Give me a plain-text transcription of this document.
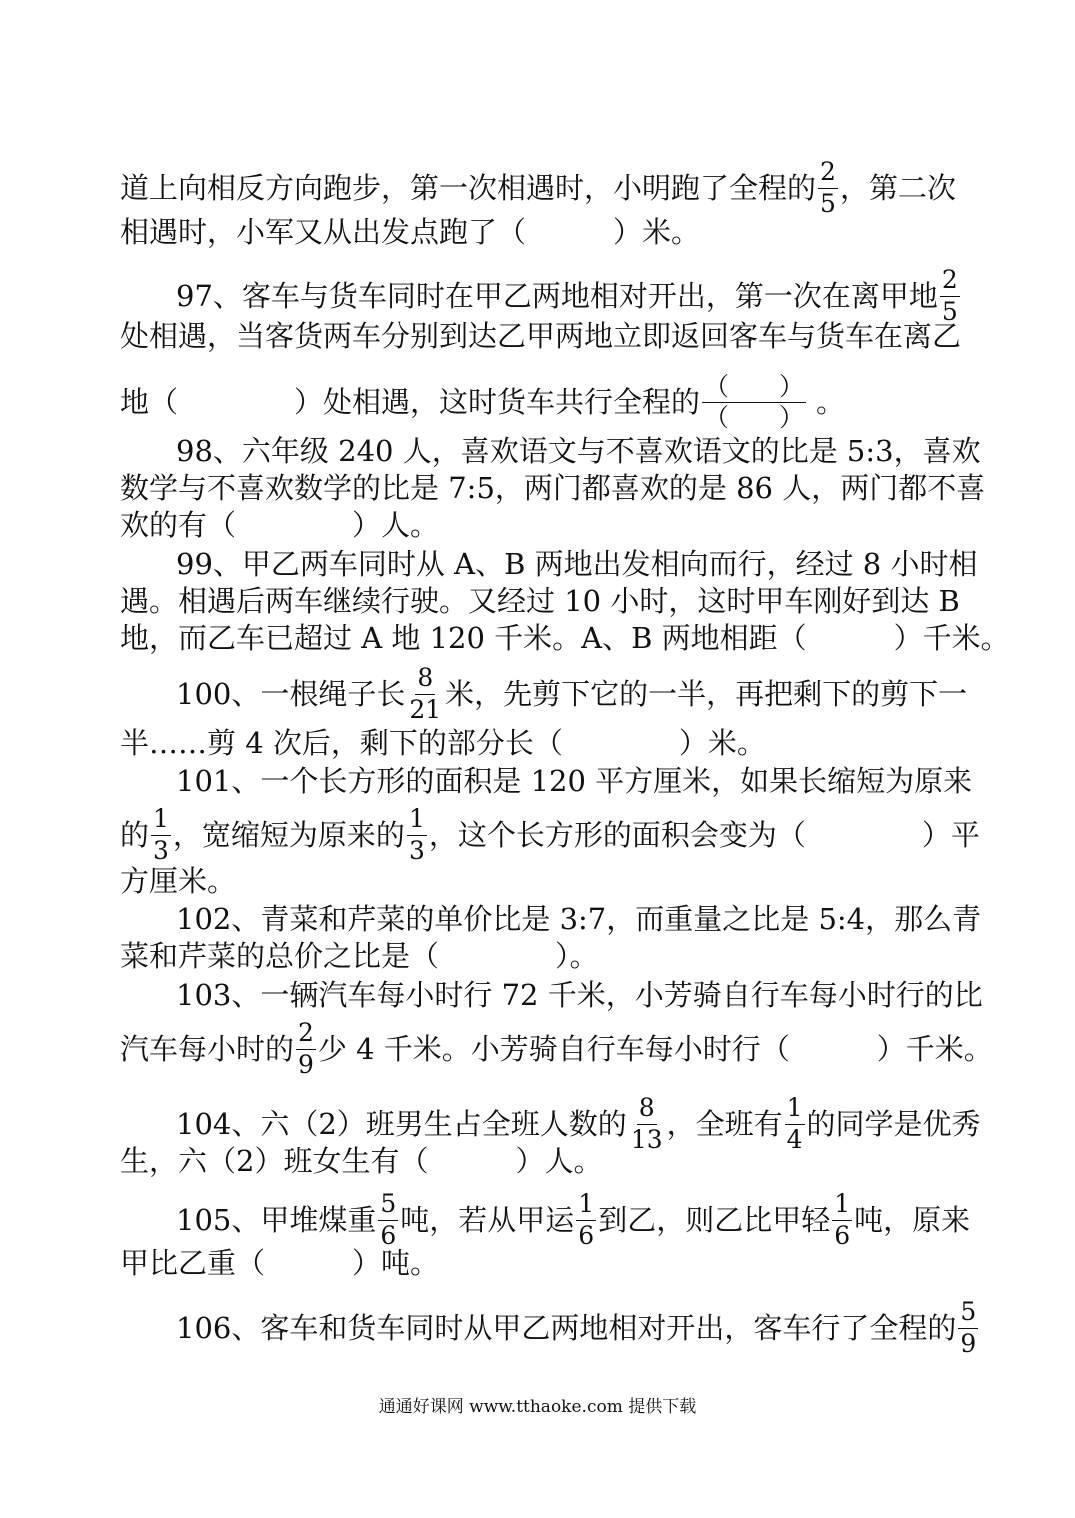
道上向相反方向跑步，第一次相遇时，小明跑了全程的 $\frac{2}{5}$ ，第二次
相遇时，小军又从出发点跑了（　　　）米。
97、客车与货车同时在甲乙两地相对开出，第一次在离甲地 $\frac{2}{5}$
处相遇，当客货两车分别到达乙甲两地立即返回客车与货车在离乙
地（　　　　）处相遇，这时货车共行全程的 $\frac{( )}{( )}$ 。
98、六年级 240 人，喜欢语文与不喜欢语文的比是 5:3，喜欢
数学与不喜欢数学的比是 7:5，两门都喜欢的是 86 人，两门都不喜
欢的有（　　　　）人。
99、甲乙两车同时从 A、B 两地出发相向而行，经过 8 小时相
遇。相遇后两车继续行驶。又经过 10 小时，这时甲车刚好到达 B
地，而乙车已超过 A 地 120 千米。A、B 两地相距（　　　）千米。
100、一根绳子长 $\frac{8}{21}$ 米，先剪下它的一半，再把剩下的剪下一
半……剪 4 次后，剩下的部分长（　　　　）米。
101、一个长方形的面积是 120 平方厘米，如果长缩短为原来
的 $\frac{1}{3}$ ，宽缩短为原来的 $\frac{1}{3}$ ，这个长方形的面积会变为（　　　　）平
方厘米。
102、青菜和芹菜的单价比是 3:7，而重量之比是 5:4，那么青
菜和芹菜的总价之比是（　　　　）。
103、一辆汽车每小时行 72 千米，小芳骑自行车每小时行的比
汽车每小时的 $\frac{2}{9}$ 少 4 千米。小芳骑自行车每小时行（　　　）千米。
104、六（2）班男生占全班人数的 $\frac{8}{13}$ ，全班有 $\frac{1}{4}$ 的同学是优秀
生，六（2）班女生有（　　　）人。
105、甲堆煤重 $\frac{5}{6}$ 吨，若从甲运 $\frac{1}{6}$ 到乙，则乙比甲轻 $\frac{1}{6}$ 吨，原来
甲比乙重（　　　）吨。
106、客车和货车同时从甲乙两地相对开出，客车行了全程的 $\frac{5}{9}$
通通好课网 www.tthaoke.com 提供下载
